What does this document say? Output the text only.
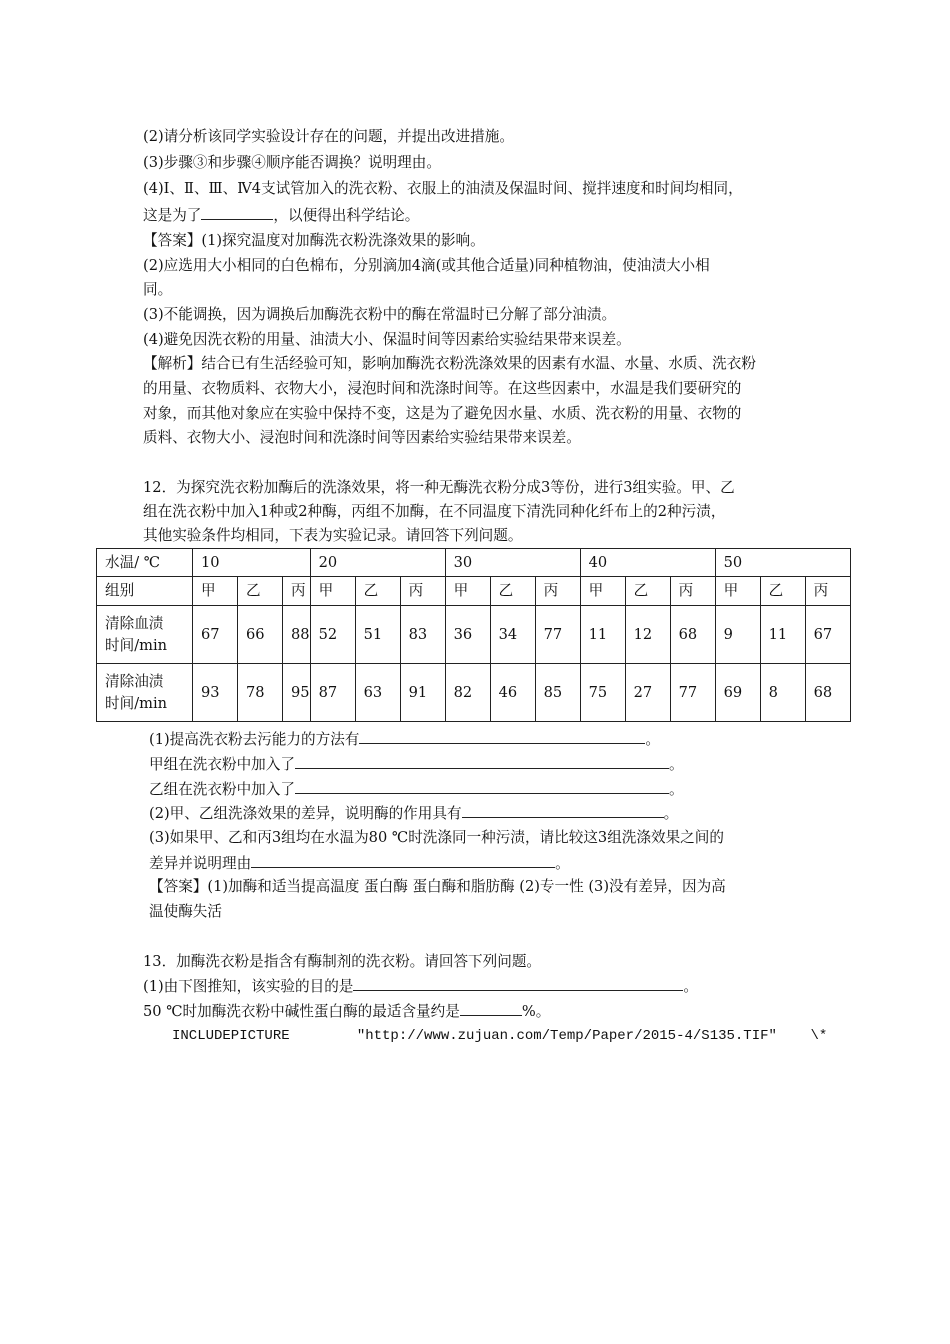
(2)请分析该同学实验设计存在的问题，并提出改进措施。
(3)步骤③和步骤④顺序能否调换？说明理由。
(4)Ⅰ、Ⅱ、Ⅲ、Ⅳ4支试管加入的洗衣粉、衣服上的油渍及保温时间、搅拌速度和时间均相同，
这是为了	，以便得出科学结论。
【答案】(1)探究温度对加酶洗衣粉洗涤效果的影响。
(2)应选用大小相同的白色棉布，分别滴加4滴(或其他合适量)同种植物油，使油渍大小相
同。
(3)不能调换，因为调换后加酶洗衣粉中的酶在常温时已分解了部分油渍。
(4)避免因洗衣粉的用量、油渍大小、保温时间等因素给实验结果带来误差。
【解析】结合已有生活经验可知，影响加酶洗衣粉洗涤效果的因素有水温、水量、水质、洗衣粉
的用量、衣物质料、衣物大小，浸泡时间和洗涤时间等。在这些因素中，水温是我们要研究的
对象，而其他对象应在实验中保持不变，这是为了避免因水量、水质、洗衣粉的用量、衣物的
质料、衣物大小、浸泡时间和洗涤时间等因素给实验结果带来误差。
12．为探究洗衣粉加酶后的洗涤效果，将一种无酶洗衣粉分成3等份，进行3组实验。甲、乙
组在洗衣粉中加入1种或2种酶，丙组不加酶，在不同温度下清洗同种化纤布上的2种污渍，
其他实验条件均相同，下表为实验记录。请回答下列问题。
水温/ ℃	10			20			30			40			50		
组别	甲	乙	丙	甲	乙	丙	甲	乙	丙	甲	乙	丙	甲	乙	丙
清除血渍
时间/min	67	66	88	52	51	83	36	34	77	11	12	68	9	11	67
清除油渍
时间/min	93	78	95	87	63	91	82	46	85	75	27	77	69	8	68
(1)提高洗衣粉去污能力的方法有	。
甲组在洗衣粉中加入了	。
乙组在洗衣粉中加入了	。
(2)甲、乙组洗涤效果的差异，说明酶的作用具有	。
(3)如果甲、乙和丙3组均在水温为80 ℃时洗涤同一种污渍，请比较这3组洗涤效果之间的
差异并说明理由	。
【答案】(1)加酶和适当提高温度 蛋白酶 蛋白酶和脂肪酶 (2)专一性 (3)没有差异，因为高
温使酶失活
13．加酶洗衣粉是指含有酶制剂的洗衣粉。请回答下列问题。
(1)由下图推知，该实验的目的是	。
50 ℃时加酶洗衣粉中碱性蛋白酶的最适含量约是	%。
INCLUDEPICTURE        "http://www.zujuan.com/Temp/Paper/2015-4/S135.TIF"    \*
